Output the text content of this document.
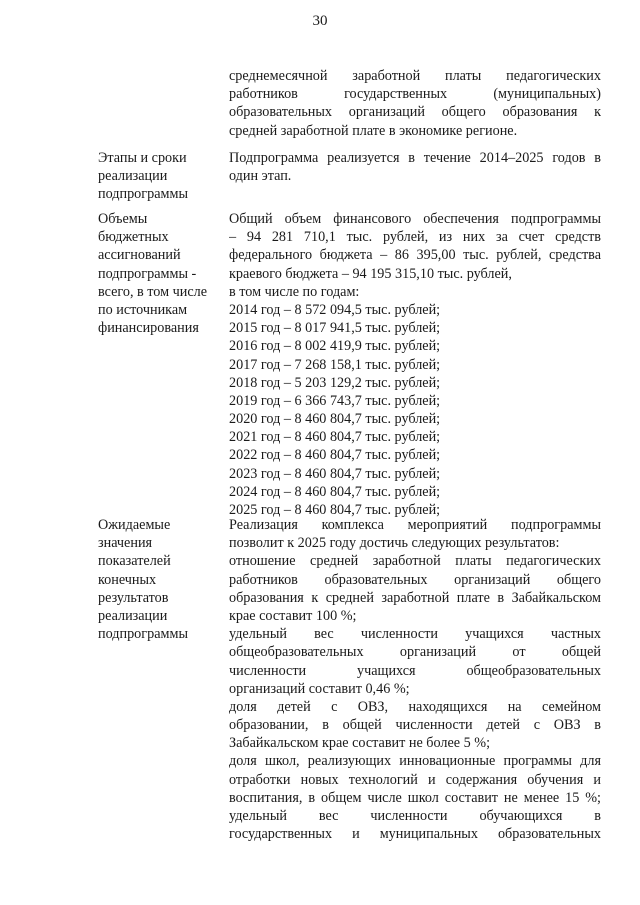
30
среднемесячной заработной платы педагогических
работников государственных (муниципальных)
образовательных организаций общего образования к
средней заработной плате в экономике регионе.
Этапы и сроки
реализации
подпрограммы
Подпрограмма реализуется в течение 2014–2025 годов в
один этап.
Объемы
бюджетных
ассигнований
подпрограммы -
всего, в том числе
по источникам
финансирования
Общий объем финансового обеспечения подпрограммы
– 94 281 710,1 тыс. рублей, из них за счет средств
федерального бюджета – 86 395,00 тыс. рублей, средства
краевого бюджета – 94 195 315,10 тыс. рублей,
в том числе по годам:
2014 год – 8 572 094,5 тыс. рублей;
2015 год – 8 017 941,5 тыс. рублей;
2016 год – 8 002 419,9 тыс. рублей;
2017 год – 7 268 158,1 тыс. рублей;
2018 год – 5 203 129,2 тыс. рублей;
2019 год – 6 366 743,7 тыс. рублей;
2020 год – 8 460 804,7 тыс. рублей;
2021 год – 8 460 804,7 тыс. рублей;
2022 год – 8 460 804,7 тыс. рублей;
2023 год – 8 460 804,7 тыс. рублей;
2024 год – 8 460 804,7 тыс. рублей;
2025 год – 8 460 804,7 тыс. рублей;
Ожидаемые
значения
показателей
конечных
результатов
реализации
подпрограммы
Реализация комплекса мероприятий подпрограммы
позволит к 2025 году достичь следующих результатов:
отношение средней заработной платы педагогических
работников образовательных организаций общего
образования к средней заработной плате в Забайкальском
крае составит 100 %;
удельный вес численности учащихся частных
общеобразовательных организаций от общей
численности учащихся общеобразовательных
организаций составит 0,46 %;
доля детей с ОВЗ, находящихся на семейном
образовании, в общей численности детей с ОВЗ в
Забайкальском крае составит не более 5 %;
доля школ, реализующих инновационные программы для
отработки новых технологий и содержания обучения и
воспитания, в общем числе школ составит не менее 15 %;
удельный вес численности обучающихся в
государственных и муниципальных образовательных
